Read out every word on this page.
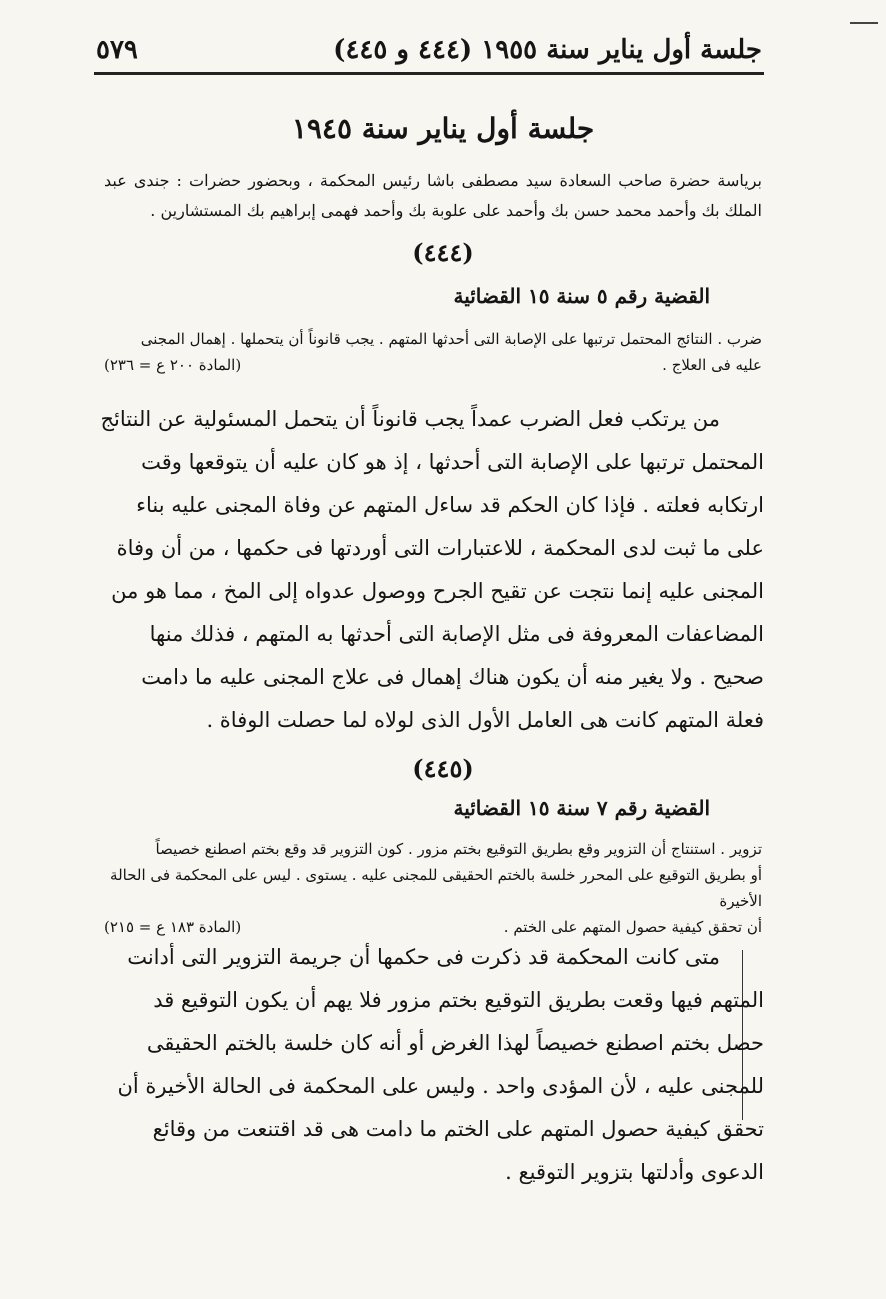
جلسة أول يناير سنة ١٩٥٥ (٤٤٤ و ٤٤٥)
٥٧٩
جلسة أول يناير سنة ١٩٤٥
برياسة حضرة صاحب السعادة سيد مصطفى باشا رئيس المحكمة ، وبحضور حضرات : جندى عبد الملك بك وأحمد محمد حسن بك وأحمد على علوبة بك وأحمد فهمى إبراهيم بك المستشارين .
(٤٤٤)
القضية رقم ٥ سنة ١٥ القضائية
ضرب . النتائج المحتمل ترتبها على الإصابة التى أحدثها المتهم . يجب قانوناً أن يتحملها . إهمال المجنى
عليه فى العلاج .
(المادة ٢٠٠ ع = ٢٣٦)

من يرتكب فعل الضرب عمداً يجب قانوناً أن يتحمل المسئولية عن النتائج المحتمل ترتبها على الإصابة التى أحدثها ، إذ هو كان عليه أن يتوقعها وقت ارتكابه فعلته . فإذا كان الحكم قد ساءل المتهم عن وفاة المجنى عليه بناء على ما ثبت لدى المحكمة ، للاعتبارات التى أوردتها فى حكمها ، من أن وفاة المجنى عليه إنما نتجت عن تقيح الجرح ووصول عدواه إلى المخ ، مما هو من المضاعفات المعروفة فى مثل الإصابة التى أحدثها به المتهم ، فذلك منها صحيح . ولا يغير منه أن يكون هناك إهمال فى علاج المجنى عليه ما دامت فعلة المتهم كانت هى العامل الأول الذى لولاه لما حصلت الوفاة .

(٤٤٥)
القضية رقم ٧ سنة ١٥ القضائية
تزوير . استنتاج أن التزوير وقع بطريق التوقيع بختم مزور . كون التزوير قد وقع بختم اصطنع خصيصاً
أو بطريق التوقيع على المحرر خلسة بالختم الحقيقى للمجنى عليه . يستوى . ليس على المحكمة فى الحالة الأخيرة
أن تحقق كيفية حصول المتهم على الختم .
(المادة ١٨٣ ع = ٢١٥)

متى كانت المحكمة قد ذكرت فى حكمها أن جريمة التزوير التى أدانت المتهم فيها وقعت بطريق التوقيع بختم مزور فلا يهم أن يكون التوقيع قد حصل بختم اصطنع خصيصاً لهذا الغرض أو أنه كان خلسة بالختم الحقيقى للمجنى عليه ، لأن المؤدى واحد . وليس على المحكمة فى الحالة الأخيرة أن تحقق كيفية حصول المتهم على الختم ما دامت هى قد اقتنعت من وقائع الدعوى وأدلتها بتزوير التوقيع .
